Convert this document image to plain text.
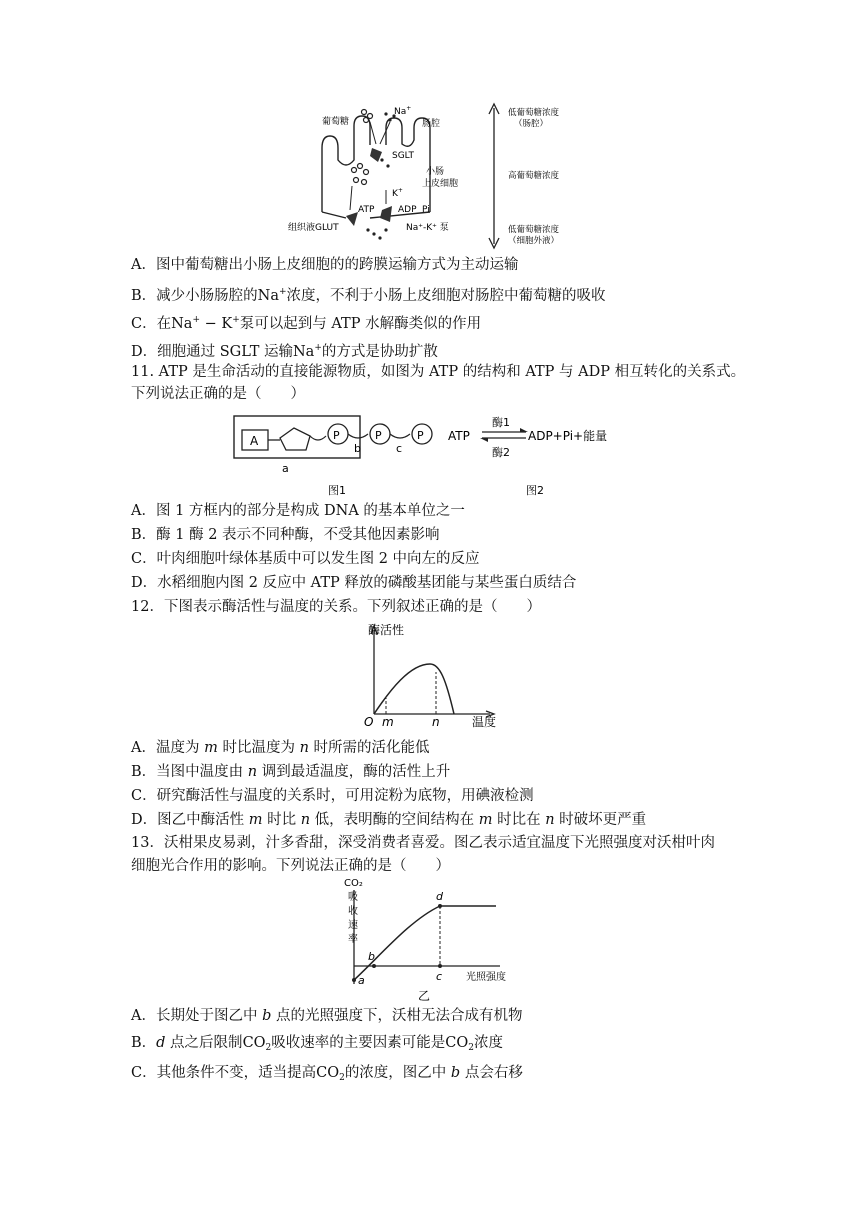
葡萄糖
Na+
肠腔
SGLT
小肠
上皮细胞
K+
ATP	ADP Pi
组织液GLUT	Na⁺-K⁺ 泵
低葡萄糖浓度
（肠腔）
高葡萄糖浓度
低葡萄糖浓度
（细胞外液）
A．图中葡萄糖出小肠上皮细胞的的跨膜运输方式为主动运输
B．减少小肠肠腔的Na+浓度，不利于小肠上皮细胞对肠腔中葡萄糖的吸收
C．在Na+ − K+泵可以起到与 ATP 水解酶类似的作用
D．细胞通过 SGLT 运输Na+的方式是协助扩散
11. ATP 是生命活动的直接能源物质，如图为 ATP 的结构和 ATP 与 ADP 相互转化的关系式。
下列说法正确的是（　　）
A	P	P	P
a
b	c
图1
ATP
酶1
酶2
ADP+Pi+能量
图2
A．图 1 方框内的部分是构成 DNA 的基本单位之一
B．酶 1 酶 2 表示不同种酶，不受其他因素影响
C．叶肉细胞叶绿体基质中可以发生图 2 中向左的反应
D．水稻细胞内图 2 反应中 ATP 释放的磷酸基团能与某些蛋白质结合
12．下图表示酶活性与温度的关系。下列叙述正确的是（　　）
酶活性
O m	n	温度
A．温度为 m 时比温度为 n 时所需的活化能低
B．当图中温度由 n 调到最适温度，酶的活性上升
C．研究酶活性与温度的关系时，可用淀粉为底物，用碘液检测
D．图乙中酶活性 m 时比 n 低，表明酶的空间结构在 m 时比在 n 时破坏更严重
13．沃柑果皮易剥，汁多香甜，深受消费者喜爱。图乙表示适宜温度下光照强度对沃柑叶肉
细胞光合作用的影响。下列说法正确的是（　　）
CO₂
吸
收
速
率
a
b
c
d
光照强度
乙
A．长期处于图乙中 b 点的光照强度下，沃柑无法合成有机物
B．d 点之后限制$CO_2$吸收速率的主要因素可能是$CO_2$浓度
C．其他条件不变，适当提高$CO_2$的浓度，图乙中 b 点会右移
